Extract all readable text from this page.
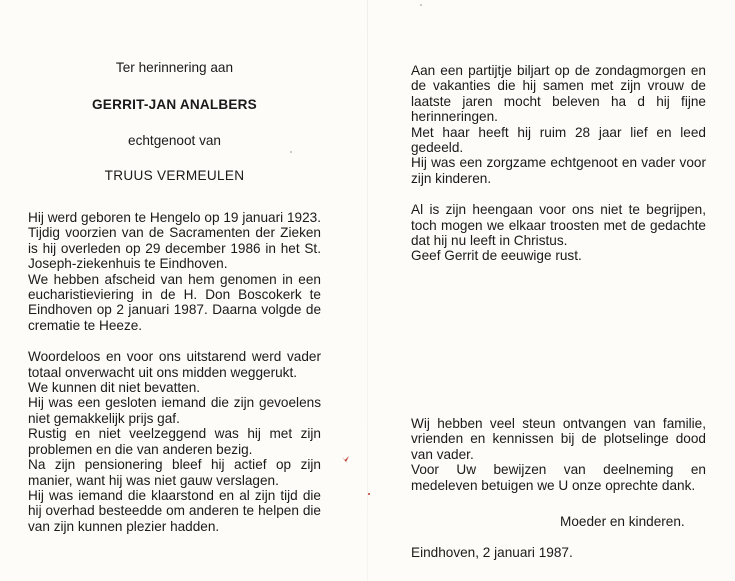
Ter herinnering aan

GERRIT-JAN ANALBERS

echtgenoot van

TRUUS VERMEULEN

Hij werd geboren te Hengelo op 19 januari 1923. Tijdig voorzien van de Sacramenten der Zieken is hij overleden op 29 december 1986 in het St. Joseph-ziekenhuis te Eindhoven.

We hebben afscheid van hem genomen in een eucharistieviering in de H. Don Boscokerk te Eindhoven op 2 januari 1987. Daarna volgde de crematie te Heeze.

Woordeloos en voor ons uitstarend werd vader totaal onverwacht uit ons midden weggerukt.

We kunnen dit niet bevatten.

Hij was een gesloten iemand die zijn gevoelens niet gemakkelijk prijs gaf.

Rustig en niet veelzeggend was hij met zijn problemen en die van anderen bezig.

Na zijn pensionering bleef hij actief op zijn manier, want hij was niet gauw verslagen.

Hij was iemand die klaarstond en al zijn tijd die hij overhad besteedde om anderen te helpen die van zijn kunnen plezier hadden.

Aan een partijtje biljart op de zondagmorgen en de vakanties die hij samen met zijn vrouw de laatste jaren mocht beleven ha d hij fijne herinneringen.

Met haar heeft hij ruim 28 jaar lief en leed gedeeld.

Hij was een zorgzame echtgenoot en vader voor zijn kinderen.

Al is zijn heengaan voor ons niet te begrijpen, toch mogen we elkaar troosten met de gedachte dat hij nu leeft in Christus.

Geef Gerrit de eeuwige rust.

Wij hebben veel steun ontvangen van familie, vrienden en kennissen bij de plotselinge dood van vader.

Voor Uw bewijzen van deelneming en medeleven betuigen we U onze oprechte dank.

Moeder en kinderen.
Eindhoven, 2 januari 1987.
